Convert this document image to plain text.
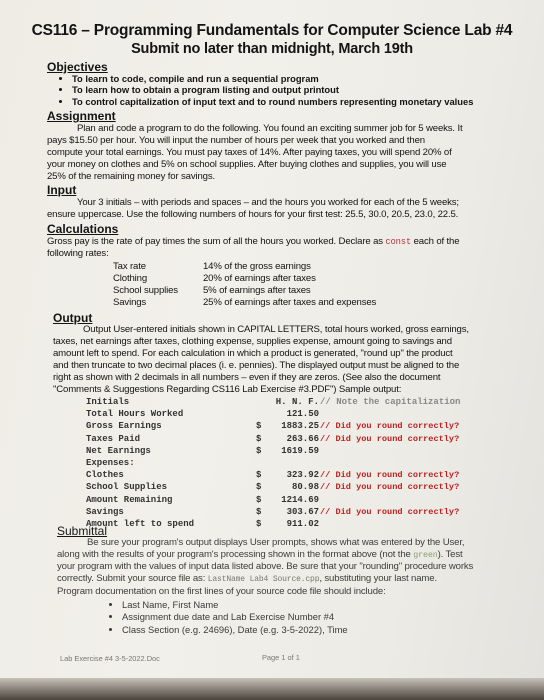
CS116 – Programming Fundamentals for Computer Science Lab #4
Submit no later than midnight, March 19th
Objectives
• To learn to code, compile and run a sequential program
• To learn how to obtain a program listing and output printout
• To control capitalization of input text and to round numbers representing monetary values
Assignment
Plan and code a program to do the following. You found an exciting summer job for 5 weeks. It
pays $15.50 per hour. You will input the number of hours per week that you worked and then
compute your total earnings. You must pay taxes of 14%. After paying taxes, you will spend 20% of
your money on clothes and 5% on school supplies. After buying clothes and supplies, you will use
25% of the remaining money for savings.
Input
Your 3 initials – with periods and spaces – and the hours you worked for each of the 5 weeks;
ensure uppercase. Use the following numbers of hours for your first test: 25.5, 30.0, 20.5, 23.0, 22.5.
Calculations
Gross pay is the rate of pay times the sum of all the hours you worked. Declare as const each of the
following rates:
Tax rate	14% of the gross earnings
Clothing	20% of earnings after taxes
School supplies	5% of earnings after taxes
Savings	25% of earnings after taxes and expenses
Output
Output User-entered initials shown in CAPITAL LETTERS, total hours worked, gross earnings,
taxes, net earnings after taxes, clothing expense, supplies expense, amount going to savings and
amount left to spend. For each calculation in which a product is generated, "round up" the product
and then truncate to two decimal places (i. e. pennies). The displayed output must be aligned to the
right as shown with 2 decimals in all numbers – even if they are zeros. (See also the document
"Comments & Suggestions Regarding CS116 Lab Exercise #3.PDF") Sample output:
Initials	H. N. F. // Note the capitalization
Total Hours Worked	121.50
Gross Earnings	$ 1883.25 // Did you round correctly?
Taxes Paid	$	263.66 // Did you round correctly?
Net Earnings	$ 1619.59
Expenses:
Clothes	$	323.92 // Did you round correctly?
School Supplies	$	80.98 // Did you round correctly?
Amount Remaining	$ 1214.69
Savings	$	303.67 // Did you round correctly?
Amount left to spend	$	911.02
Submittal
Be sure your program's output displays User prompts, shows what was entered by the User,
along with the results of your program's processing shown in the format above (not the green). Test
your program with the values of input data listed above. Be sure that your "rounding" procedure works
correctly. Submit your source file as: LastName Lab4 Source.cpp, substituting your last name.
Program documentation on the first lines of your source code file should include:
• Last Name, First Name
• Assignment due date and Lab Exercise Number #4
• Class Section (e.g. 24696), Date (e.g. 3-5-2022), Time
Lab Exercise #4 3-5-2022.Doc	Page 1 of 1
